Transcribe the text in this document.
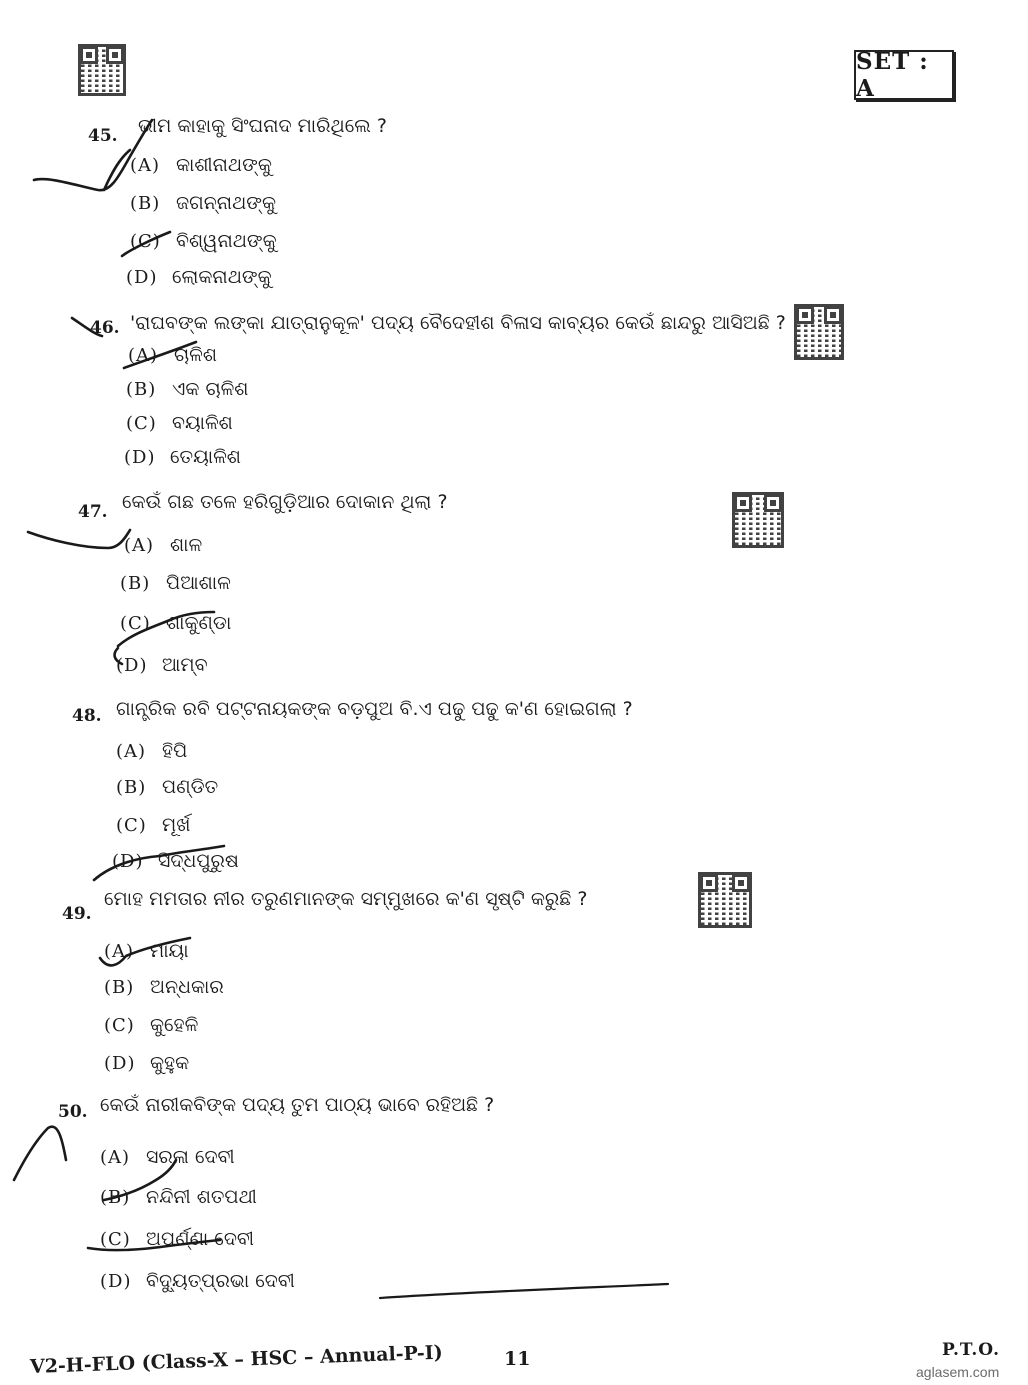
SET : A
45. ଭୀମ କାହାକୁ ସିଂଘନାଦ ମାରିଥିଲେ ?
(A) କାଶୀନାଥଙ୍କୁ
(B) ଜଗନ୍ନାଥଙ୍କୁ
(C) ବିଶ୍ୱନାଥଙ୍କୁ
(D) ଲୋକନାଥଙ୍କୁ
46. 'ରାଘବଙ୍କ ଲଙ୍କା ଯାତ୍ରାନୁକୂଳ' ପଦ୍ୟ ବୈଦେହୀଶ ବିଳାସ କାବ୍ୟର କେଉଁ ଛାନ୍ଦରୁ ଆସିଅଛି ?
(A) ଚାଳିଶ
(B) ଏକ ଚାଳିଶ
(C) ବୟାଳିଶ
(D) ତେୟାଳିଶ
47. କେଉଁ ଗଛ ତଳେ ହରିଗୁଡ଼ିଆର ଦୋକାନ ଥିଲା ?
(A) ଶାଳ
(B) ପିଆଶାଳ
(C) ଶାକୁଣ୍ଡା
(D) ଆମ୍ବ
48. ଗାନ୍ତ୍ରିକ ରବି ପଟ୍ଟନାୟକଙ୍କ ବଡ଼ପୁଅ ବି.ଏ ପଢୁ ପଢୁ କ'ଣ ହୋଇଗଲା ?
(A) ହିପି
(B) ପଣ୍ଡିତ
(C) ମୂର୍ଖ
(D) ସିଦ୍ଧପୁରୁଷ
49.
ମୋହ ମମତାର ନୀର ତରୁଣମାନଙ୍କ ସମ୍ମୁଖରେ କ'ଣ ସୃଷ୍ଟି କରୁଛି ?
(A) ମାୟା
(B) ଅନ୍ଧକାର
(C) କୁହେଳି
(D) କୁହୁକ
50. କେଉଁ ନାରୀକବିଙ୍କ ପଦ୍ୟ ତୁମ ପାଠ୍ୟ ଭାବେ ରହିଅଛି ?
(A) ସରଳା ଦେବୀ
(B) ନନ୍ଦିନୀ ଶତପଥୀ
(C) ଅପର୍ଣ୍ଣା ଦେବୀ
(D) ବିଦ୍ୟୁତ୍‌ପ୍ରଭା ଦେବୀ
V2-H-FLO (Class-X – HSC – Annual-P-I)	11	P.T.O.
aglasem.com
